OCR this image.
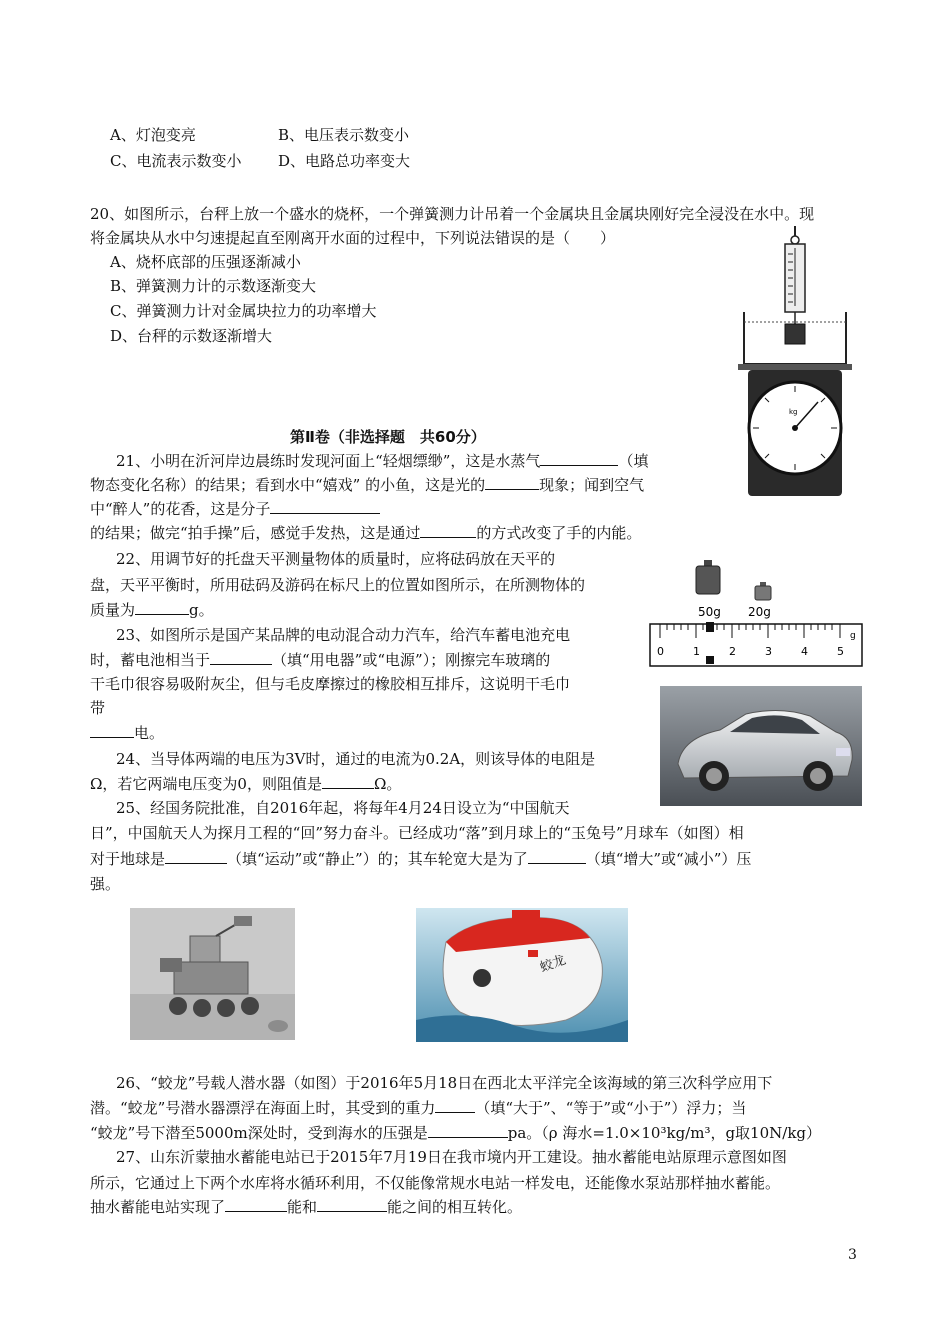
A、灯泡变亮	B、电压表示数变小
C、电流表示数变小 D、电路总功率变大
20、如图所示，台秤上放一个盛水的烧杯，一个弹簧测力计吊着一个金属块且金属块刚好完全浸没在水中。现
将金属块从水中匀速提起直至刚离开水面的过程中，下列说法错误的是（　　）
A、烧杯底部的压强逐渐减小
B、弹簧测力计的示数逐渐变大
C、弹簧测力计对金属块拉力的功率增大
D、台秤的示数逐渐增大
kg
第Ⅱ卷（非选择题　共60分）
21、小明在沂河岸边晨练时发现河面上“轻烟缥缈”，这是水蒸气	（填
物态变化名称）的结果；看到水中“嬉戏” 的小鱼，这是光的	现象；闻到空气
中“醉人”的花香，这是分子
的结果；做完“拍手操”后，感觉手发热，这是通过	的方式改变了手的内能。
22、用调节好的托盘天平测量物体的质量时，应将砝码放在天平的
盘，天平平衡时，所用砝码及游码在标尺上的位置如图所示，在所测物体的
质量为	g。	50g 20g
0	1	2	3	4	5
g
23、如图所示是国产某品牌的电动混合动力汽车，给汽车蓄电池充电
时，蓄电池相当于	（填“用电器”或“电源”）；刚擦完车玻璃的
干毛巾很容易吸附灰尘，但与毛皮摩擦过的橡胶相互排斥，这说明干毛巾
带
电。
24、当导体两端的电压为3V时，通过的电流为0.2A，则该导体的电阻是
Ω，若它两端电压变为0，则阻值是	Ω。
25、经国务院批准，自2016年起，将每年4月24日设立为“中国航天
日”，中国航天人为探月工程的“回”努力奋斗。已经成功“落”到月球上的“玉兔号”月球车（如图）相
对于地球是	（填“运动”或“静止”）的；其车轮宽大是为了	（填“增大”或“减小”）压
强。
蛟龙
26、“蛟龙”号载人潜水器（如图）于2016年5月18日在西北太平洋完全该海域的第三次科学应用下
潜。“蛟龙”号潜水器漂浮在海面上时，其受到的重力	（填“大于”、“等于”或“小于”）浮力；当
“蛟龙”号下潜至5000m深处时，受到海水的压强是	pa。（ρ 海水=1.0×10³kg/m³，g取10N/kg）
27、山东沂蒙抽水蓄能电站已于2015年7月19日在我市境内开工建设。抽水蓄能电站原理示意图如图
所示，它通过上下两个水库将水循环利用，不仅能像常规水电站一样发电，还能像水泵站那样抽水蓄能。
抽水蓄能电站实现了	能和	能之间的相互转化。
3
